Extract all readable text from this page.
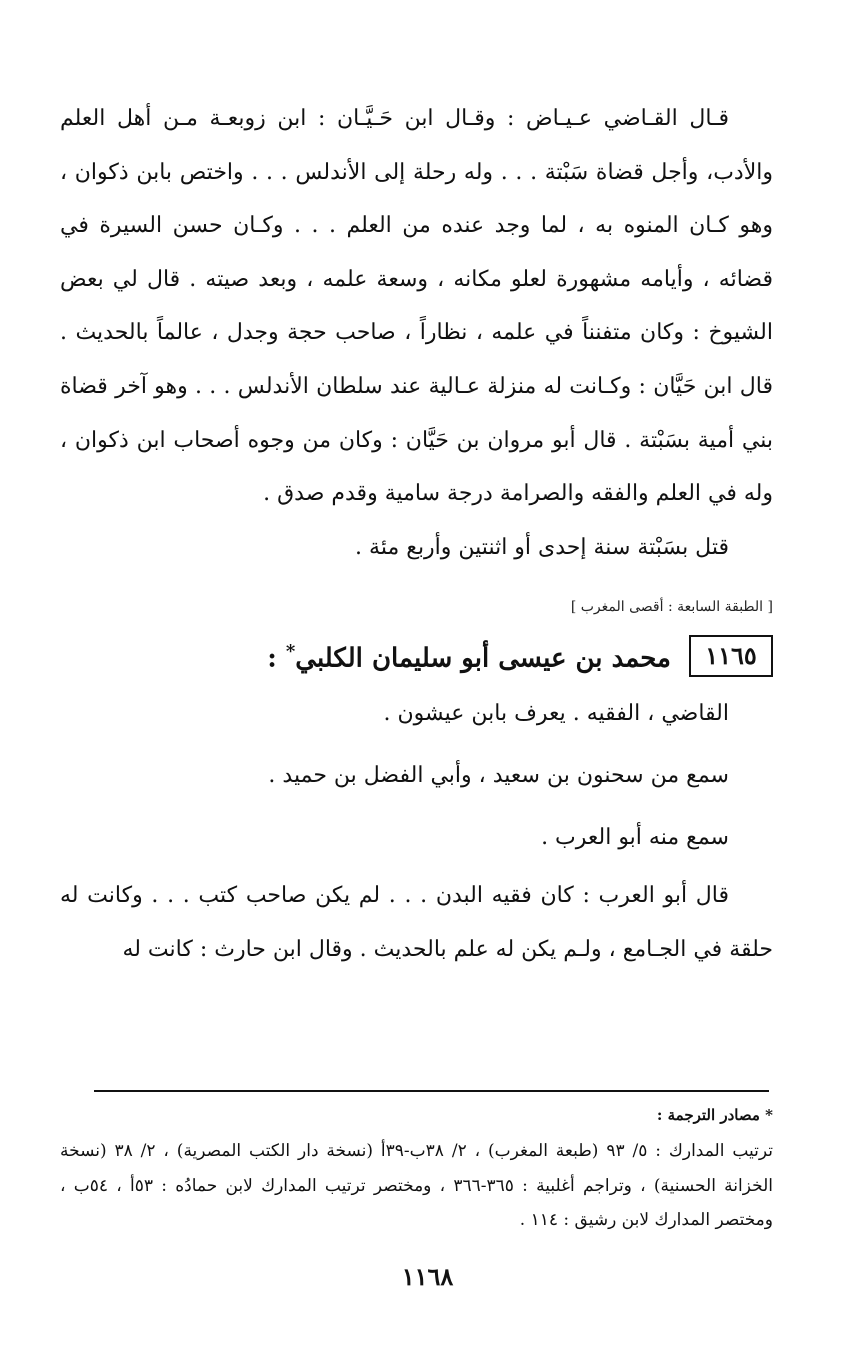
قـال القـاضي عـيـاض : وقـال ابن حَـيَّـان : ابن زوبعـة مـن أهل العلم والأدب، وأجل قضاة سَبْتة . . . وله رحلة إلى الأندلس . . . واختص بابن ذكوان ، وهو كـان المنوه به ، لما وجد عنده من العلم . . . وكـان حسن السيرة في قضائه ، وأيامه مشهورة لعلو مكانه ، وسعة علمه ، وبعد صيته . قال لي بعض الشيوخ : وكان متفنناً في علمه ، نظاراً ، صاحب حجة وجدل ، عالماً بالحديث . قال ابن حَيَّان : وكـانت له منزلة عـالية عند سلطان الأندلس . . . وهو آخر قضاة بني أمية بسَبْتة . قال أبو مروان بن حَيَّان : وكان من وجوه أصحاب ابن ذكوان ، وله في العلم والفقه والصرامة درجة سامية وقدم صدق .

قتل بسَبْتة سنة إحدى أو اثنتين وأربع مئة .

[ الطبقة السابعة : أقصى المغرب ]
١١٦٥
محمد بن عيسى أبو سليمان الكلبي* :

القاضي ، الفقيه . يعرف بابن عيشون .

سمع من سحنون بن سعيد ، وأبي الفضل بن حميد .

سمع منه أبو العرب .

قال أبو العرب : كان فقيه البدن . . . لم يكن صاحب كتب . . . وكانت له حلقة في الجـامع ، ولـم يكن له علم بالحديث . وقال ابن حارث : كانت له

* مصادر الترجمة :

ترتيب المدارك : ٥/ ٩٣ (طبعة المغرب) ، ٢/ ٣٨ب-٣٩أ (نسخة دار الكتب المصرية) ، ٢/ ٣٨ (نسخة الخزانة الحسنية) ، وتراجم أغلبية : ٣٦٥-٣٦٦ ، ومختصر ترتيب المدارك لابن حمادُه : ٥٣أ ، ٥٤ب ، ومختصر المدارك لابن رشيق : ١١٤ .

١١٦٨
